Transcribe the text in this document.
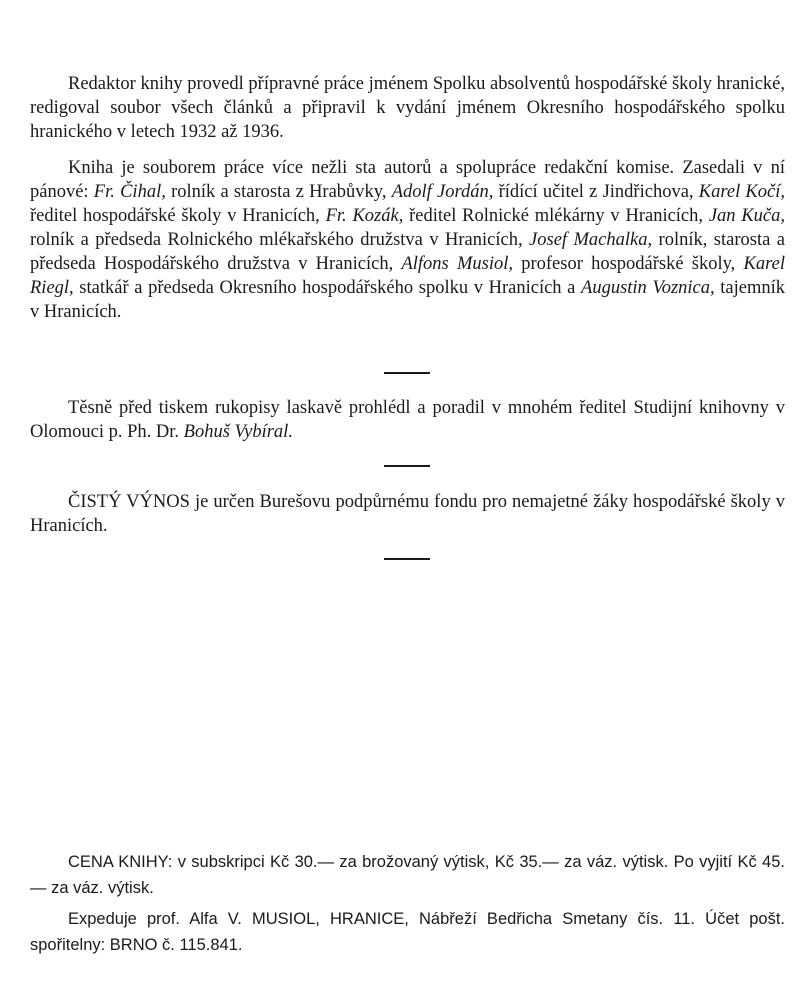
Redaktor knihy provedl přípravné práce jménem Spolku absolventů hospodářské školy hranické, redigoval soubor všech článků a připravil k vydání jménem Okresního hospodářského spolku hranického v letech 1932 až 1936.

Kniha je souborem práce více nežli sta autorů a spolupráce redakční komise. Zasedali v ní pánové: Fr. Čihal, rolník a starosta z Hrabůvky, Adolf Jordán, řídící učitel z Jindřichova, Karel Kočí, ředitel hospodářské školy v Hranicích, Fr. Kozák, ředitel Rolnické mlékárny v Hranicích, Jan Kuča, rolník a předseda Rolnického mlékařského družstva v Hranicích, Josef Machalka, rolník, starosta a předseda Hospodářského družstva v Hranicích, Alfons Musiol, profesor hospodářské školy, Karel Riegl, statkář a předseda Okresního hospodářského spolku v Hranicích a Augustin Voznica, tajemník v Hranicích.

Těsně před tiskem rukopisy laskavě prohlédl a poradil v mnohém ředitel Studijní knihovny v Olomouci p. Ph. Dr. Bohuš Vybíral.

ČISTÝ VÝNOS je určen Burešovu podpůrnému fondu pro nemajetné žáky hospodářské školy v Hranicích.

CENA KNIHY: v subskripci Kč 30.— za brožovaný výtisk, Kč 35.— za váz. výtisk. Po vyjití Kč 45.— za váz. výtisk.

Expeduje prof. Alfa V. MUSIOL, HRANICE, Nábřeží Bedřicha Smetany čís. 11. Účet pošt. spořitelny: BRNO č. 115.841.
